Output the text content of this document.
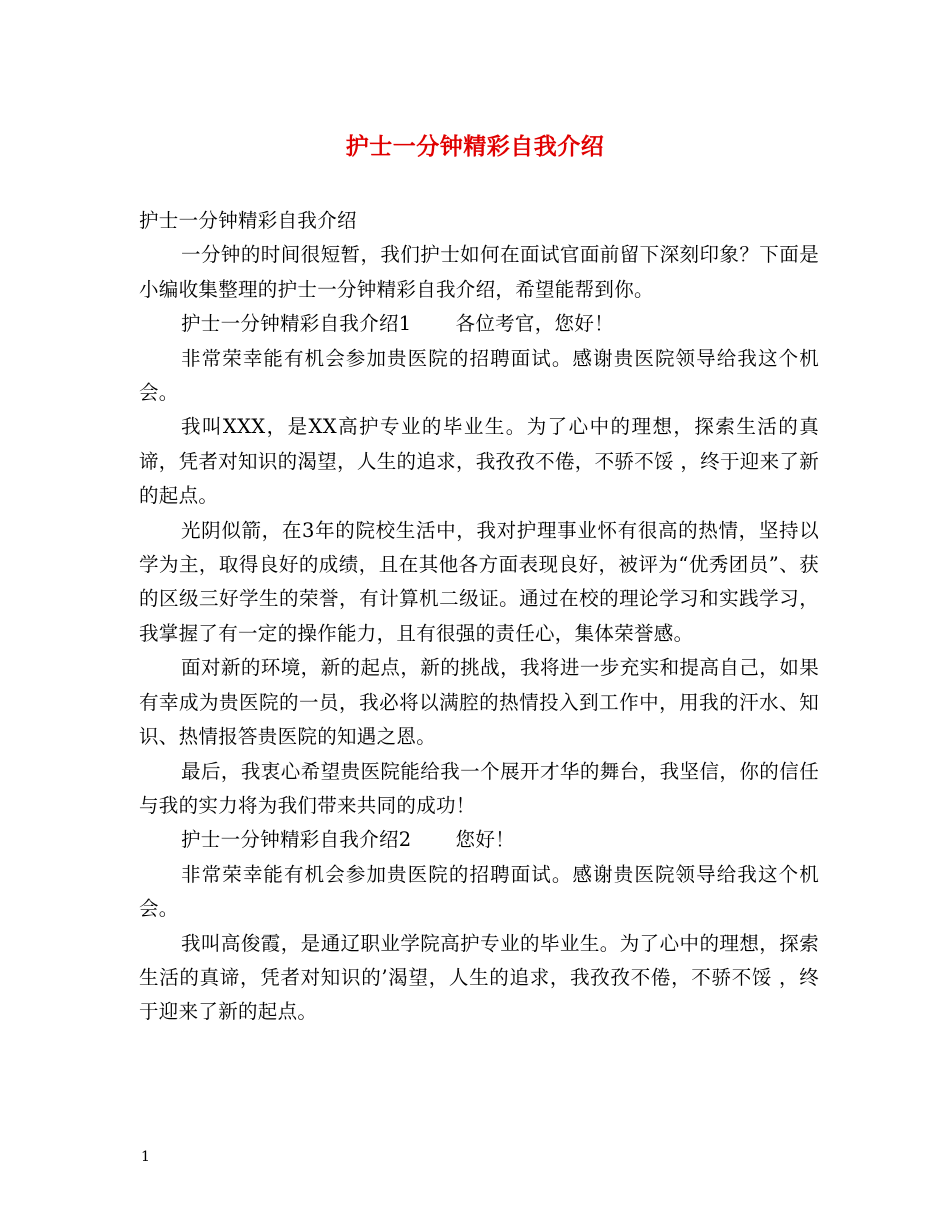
护士一分钟精彩自我介绍

护士一分钟精彩自我介绍

一分钟的时间很短暂，我们护士如何在面试官面前留下深刻印象？下面是小编收集整理的护士一分钟精彩自我介绍，希望能帮到你。

护士一分钟精彩自我介绍1 各位考官，您好！

非常荣幸能有机会参加贵医院的招聘面试。感谢贵医院领导给我这个机会。

我叫XXX，是XX高护专业的毕业生。为了心中的理想，探索生活的真谛，凭者对知识的渴望，人生的追求，我孜孜不倦，不骄不馁 ，终于迎来了新的起点。

光阴似箭，在3年的院校生活中，我对护理事业怀有很高的热情，坚持以学为主，取得良好的成绩，且在其他各方面表现良好，被评为“优秀团员”、获的区级三好学生的荣誉，有计算机二级证。通过在校的理论学习和实践学习，我掌握了有一定的操作能力，且有很强的责任心，集体荣誉感。

面对新的环境，新的起点，新的挑战，我将进一步充实和提高自己，如果有幸成为贵医院的一员，我必将以满腔的热情投入到工作中，用我的汗水、知识、热情报答贵医院的知遇之恩。

最后，我衷心希望贵医院能给我一个展开才华的舞台，我坚信，你的信任与我的实力将为我们带来共同的成功！

护士一分钟精彩自我介绍2 您好！

非常荣幸能有机会参加贵医院的招聘面试。感谢贵医院领导给我这个机会。

我叫高俊霞，是通辽职业学院高护专业的毕业生。为了心中的理想，探索生活的真谛，凭者对知识的’渴望，人生的追求，我孜孜不倦，不骄不馁 ，终于迎来了新的起点。

1
